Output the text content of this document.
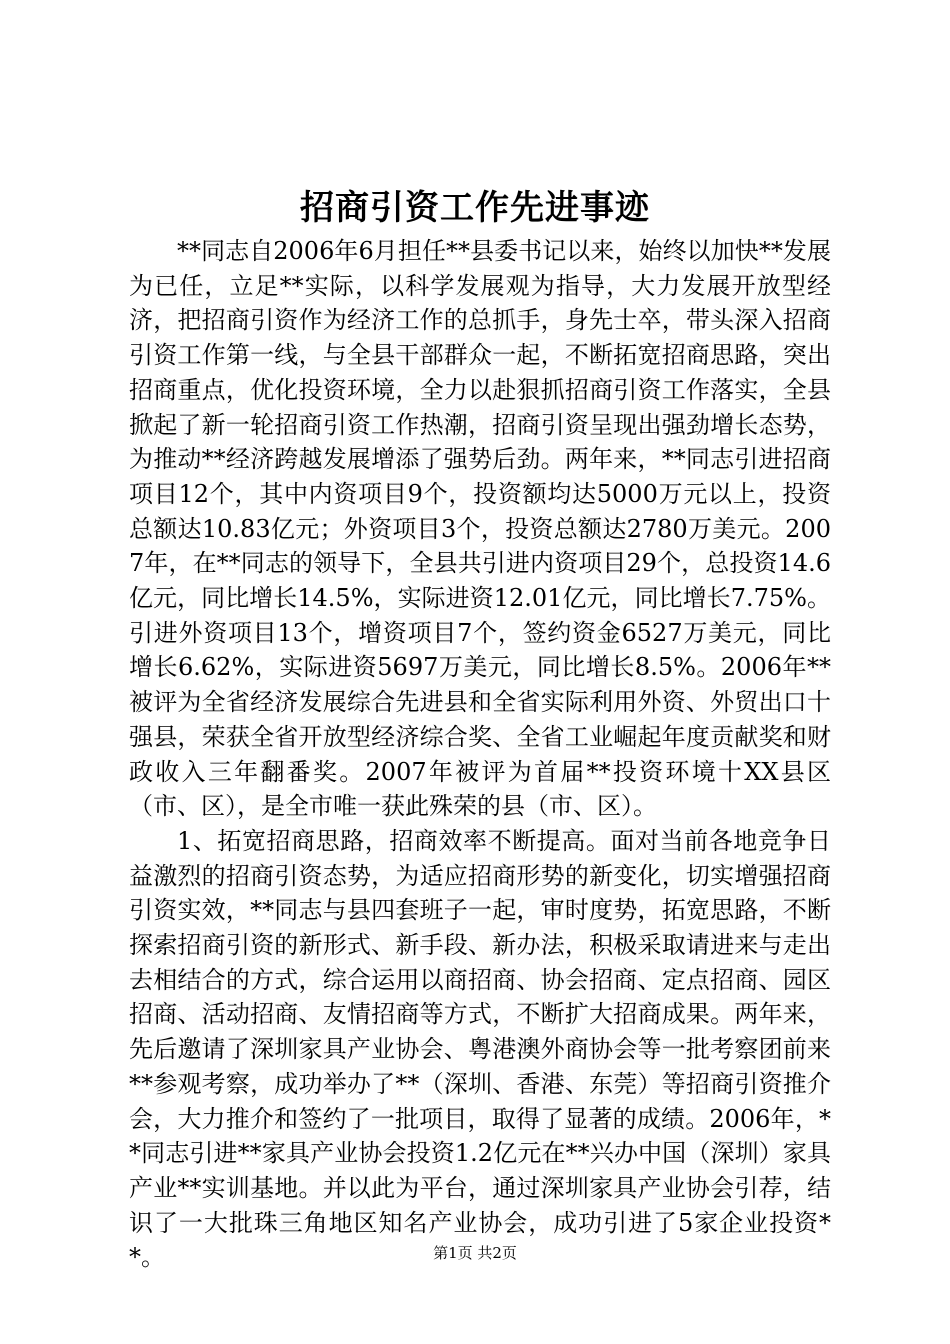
招商引资工作先进事迹

**同志自2006年6月担任**县委书记以来，始终以加快**发展为已任，立足**实际，以科学发展观为指导，大力发展开放型经济，把招商引资作为经济工作的总抓手，身先士卒，带头深入招商引资工作第一线，与全县干部群众一起，不断拓宽招商思路，突出招商重点，优化投资环境，全力以赴狠抓招商引资工作落实，全县掀起了新一轮招商引资工作热潮，招商引资呈现出强劲增长态势，为推动**经济跨越发展增添了强势后劲。两年来，**同志引进招商项目12个，其中内资项目9个，投资额均达5000万元以上，投资总额达10.83亿元；外资项目3个，投资总额达2780万美元。2007年，在**同志的领导下，全县共引进内资项目29个，总投资14.6亿元，同比增长14.5%，实际进资12.01亿元，同比增长7.75%。引进外资项目13个，增资项目7个，签约资金6527万美元，同比增长6.62%，实际进资5697万美元，同比增长8.5%。2006年**被评为全省经济发展综合先进县和全省实际利用外资、外贸出口十强县，荣获全省开放型经济综合奖、全省工业崛起年度贡献奖和财政收入三年翻番奖。2007年被评为首届**投资环境十XX县区（市、区），是全市唯一获此殊荣的县（市、区）。

1、拓宽招商思路，招商效率不断提高。面对当前各地竞争日益激烈的招商引资态势，为适应招商形势的新变化，切实增强招商引资实效，**同志与县四套班子一起，审时度势，拓宽思路，不断探索招商引资的新形式、新手段、新办法，积极采取请进来与走出去相结合的方式，综合运用以商招商、协会招商、定点招商、园区招商、活动招商、友情招商等方式，不断扩大招商成果。两年来，先后邀请了深圳家具产业协会、粤港澳外商协会等一批考察团前来**参观考察，成功举办了**（深圳、香港、东莞）等招商引资推介会，大力推介和签约了一批项目，取得了显著的成绩。2006年，**同志引进**家具产业协会投资1.2亿元在**兴办中国（深圳）家具产业**实训基地。并以此为平台，通过深圳家具产业协会引荐，结识了一大批珠三角地区知名产业协会，成功引进了5家企业投资**。	第1页 共2页
